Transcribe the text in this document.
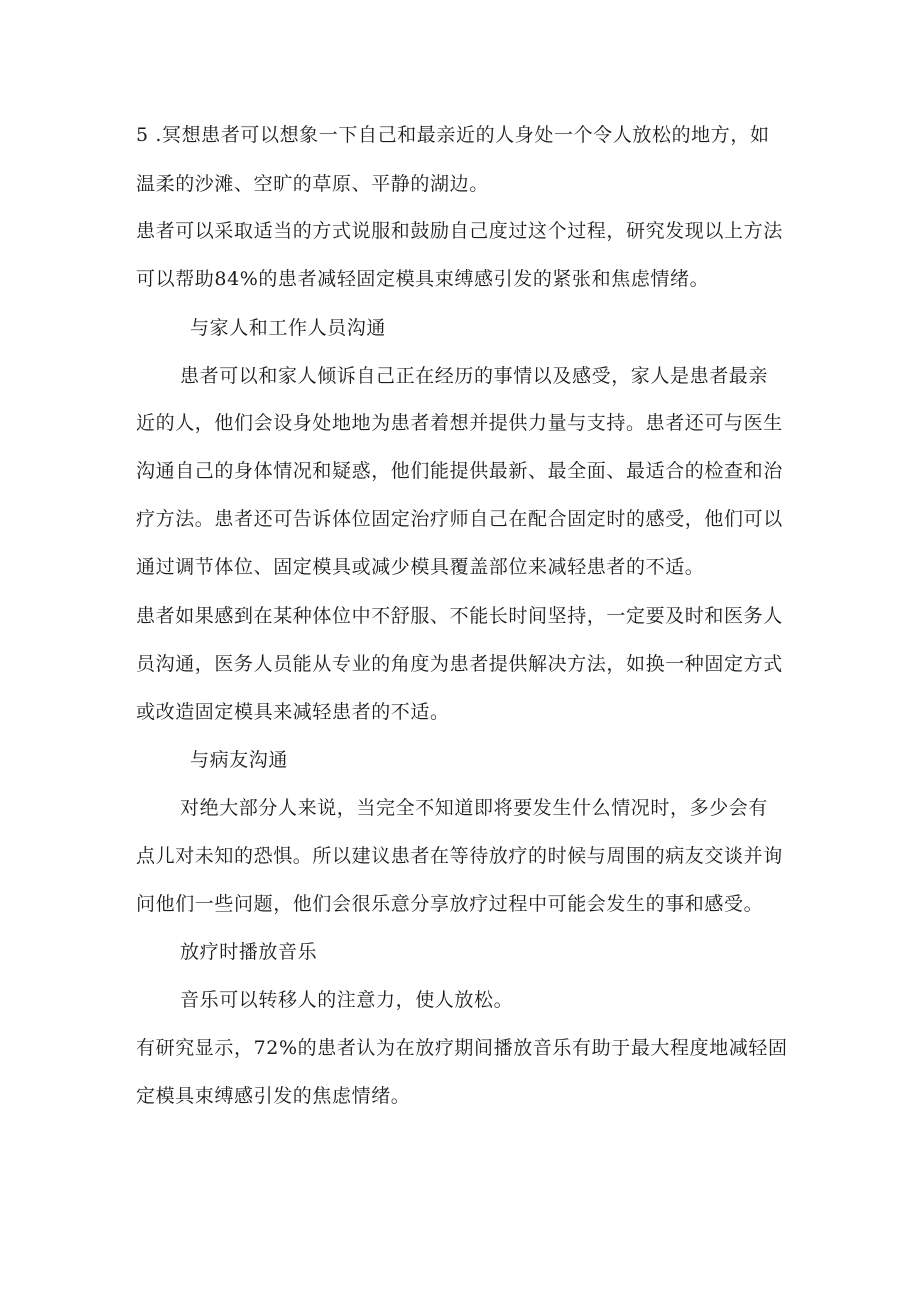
5 .冥想患者可以想象一下自己和最亲近的人身处一个令人放松的地方，如
温柔的沙滩、空旷的草原、平静的湖边。
患者可以采取适当的方式说服和鼓励自己度过这个过程，研究发现以上方法
可以帮助84%的患者减轻固定模具束缚感引发的紧张和焦虑情绪。
与家人和工作人员沟通
患者可以和家人倾诉自己正在经历的事情以及感受，家人是患者最亲
近的人，他们会设身处地地为患者着想并提供力量与支持。患者还可与医生
沟通自己的身体情况和疑惑，他们能提供最新、最全面、最适合的检查和治
疗方法。患者还可告诉体位固定治疗师自己在配合固定时的感受，他们可以
通过调节体位、固定模具或减少模具覆盖部位来减轻患者的不适。
患者如果感到在某种体位中不舒服、不能长时间坚持，一定要及时和医务人
员沟通，医务人员能从专业的角度为患者提供解决方法，如换一种固定方式
或改造固定模具来减轻患者的不适。
与病友沟通
对绝大部分人来说，当完全不知道即将要发生什么情况时，多少会有
点儿对未知的恐惧。所以建议患者在等待放疗的时候与周围的病友交谈并询
问他们一些问题，他们会很乐意分享放疗过程中可能会发生的事和感受。
放疗时播放音乐
音乐可以转移人的注意力，使人放松。
有研究显示，72%的患者认为在放疗期间播放音乐有助于最大程度地减轻固
定模具束缚感引发的焦虑情绪。
